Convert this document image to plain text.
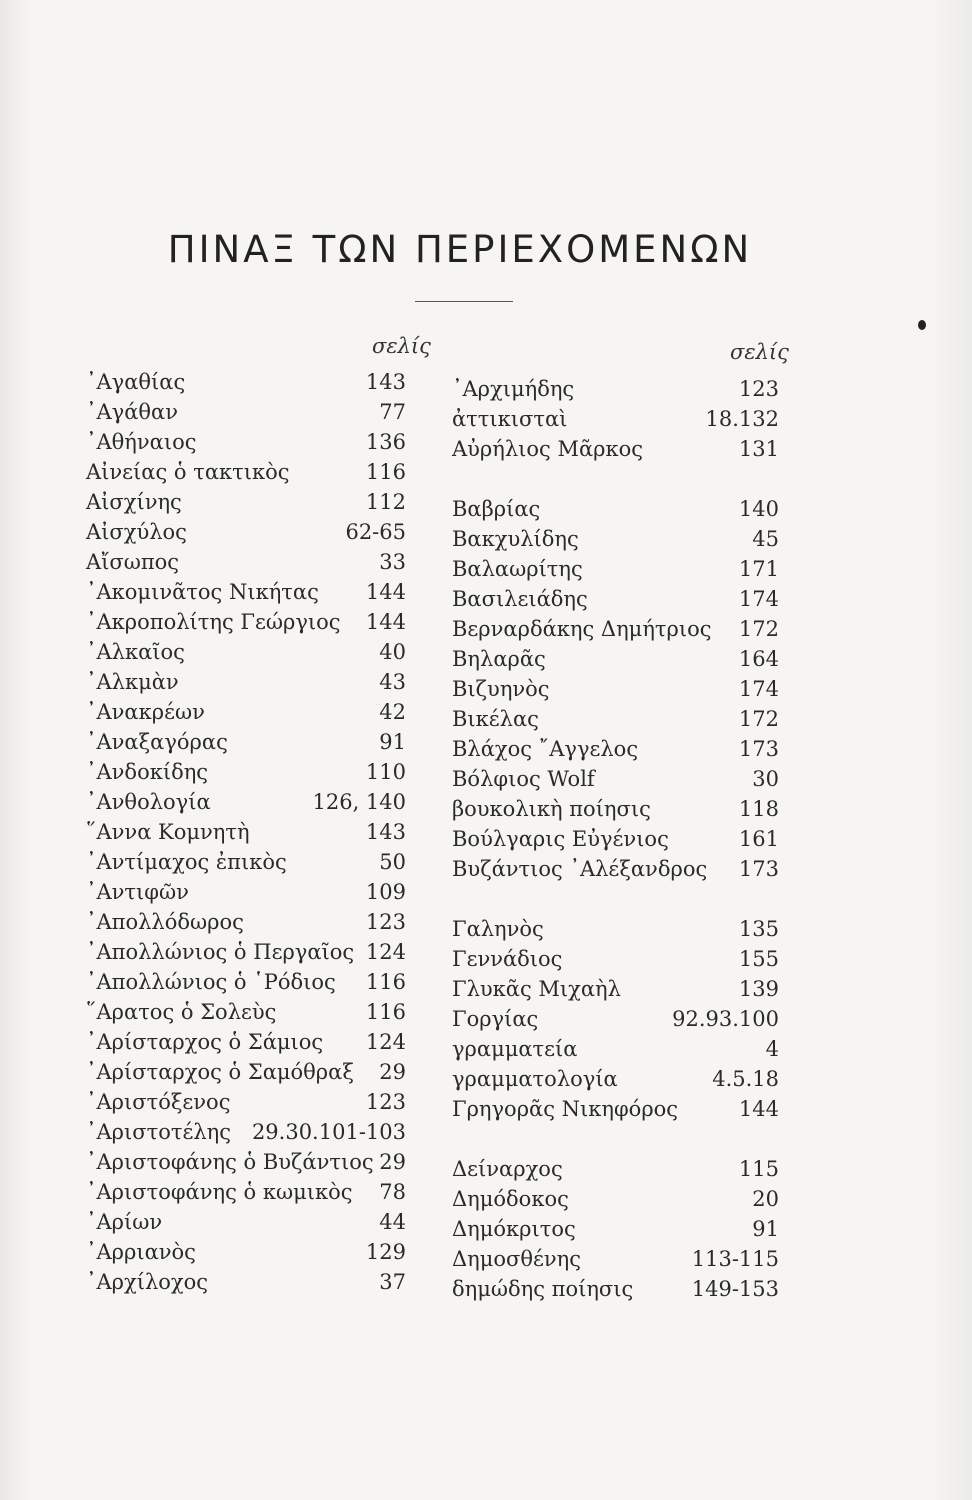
ΠΙΝΑΞ ΤΩΝ ΠΕΡΙΕΧΟΜΕΝΩΝ
σελίς	σελίς
᾿Αγαθίας	143
᾿Αγάθαν	77
᾿Αθήναιος	136
Αἰνείας ὁ τακτικὸς	116
Αἰσχίνης	112
Αἰσχύλος	62-65
Αἴσωπος	33
᾿Ακομινᾶτος Νικήτας 144
᾿Ακροπολίτης Γεώργιος 144
᾿Αλκαῖος	40
᾿Αλκμὰν	43
᾿Ανακρέων	42
᾿Αναξαγόρας	91
᾿Ανδοκίδης	110
᾿Ανθολογία	126, 140
῞Αννα Κομνητὴ	143
᾿Αντίμαχος ἐπικὸς	50
᾿Αντιφῶν	109
᾿Απολλόδωρος	123
᾿Απολλώνιος ὁ Περγαῖος 124
᾿Απολλώνιος ὁ ῾Ρόδιος 116
῞Αρατος ὁ Σολεὺς	116
᾿Αρίσταρχος ὁ Σάμιος 124
᾿Αρίσταρχος ὁ Σαμόθραξ 29
᾿Αριστόξενος	123
᾿Αριστοτέλης 29.30.101-103
᾿Αριστοφάνης ὁ Βυζάντιος 29
᾿Αριστοφάνης ὁ κωμικὸς 78
᾿Αρίων	44
᾿Αρριανὸς	129
᾿Αρχίλοχος	37
᾿Αρχιμήδης	123
ἀττικισταὶ	18.132
Αὐρήλιος Μᾶρκος	131
Βαβρίας	140
Βακχυλίδης	45
Βαλαωρίτης	171
Βασιλειάδης	174
Βερναρδάκης Δημήτριος 172
Βηλαρᾶς	164
Βιζυηνὸς	174
Βικέλας	172
Βλάχος ῎Αγγελος	173
Βόλφιος Wolf	30
βουκολικὴ ποίησις	118
Βούλγαρις Εὐγένιος	161
Βυζάντιος ᾿Αλέξανδρος 173
Γαληνὸς	135
Γεννάδιος	155
Γλυκᾶς Μιχαὴλ	139
Γοργίας	92.93.100
γραμματεία	4
γραμματολογία	4.5.18
Γρηγορᾶς Νικηφόρος	144
Δείναρχος	115
Δημόδοκος	20
Δημόκριτος	91
Δημοσθένης	113-115
δημώδης ποίησις	149-153
